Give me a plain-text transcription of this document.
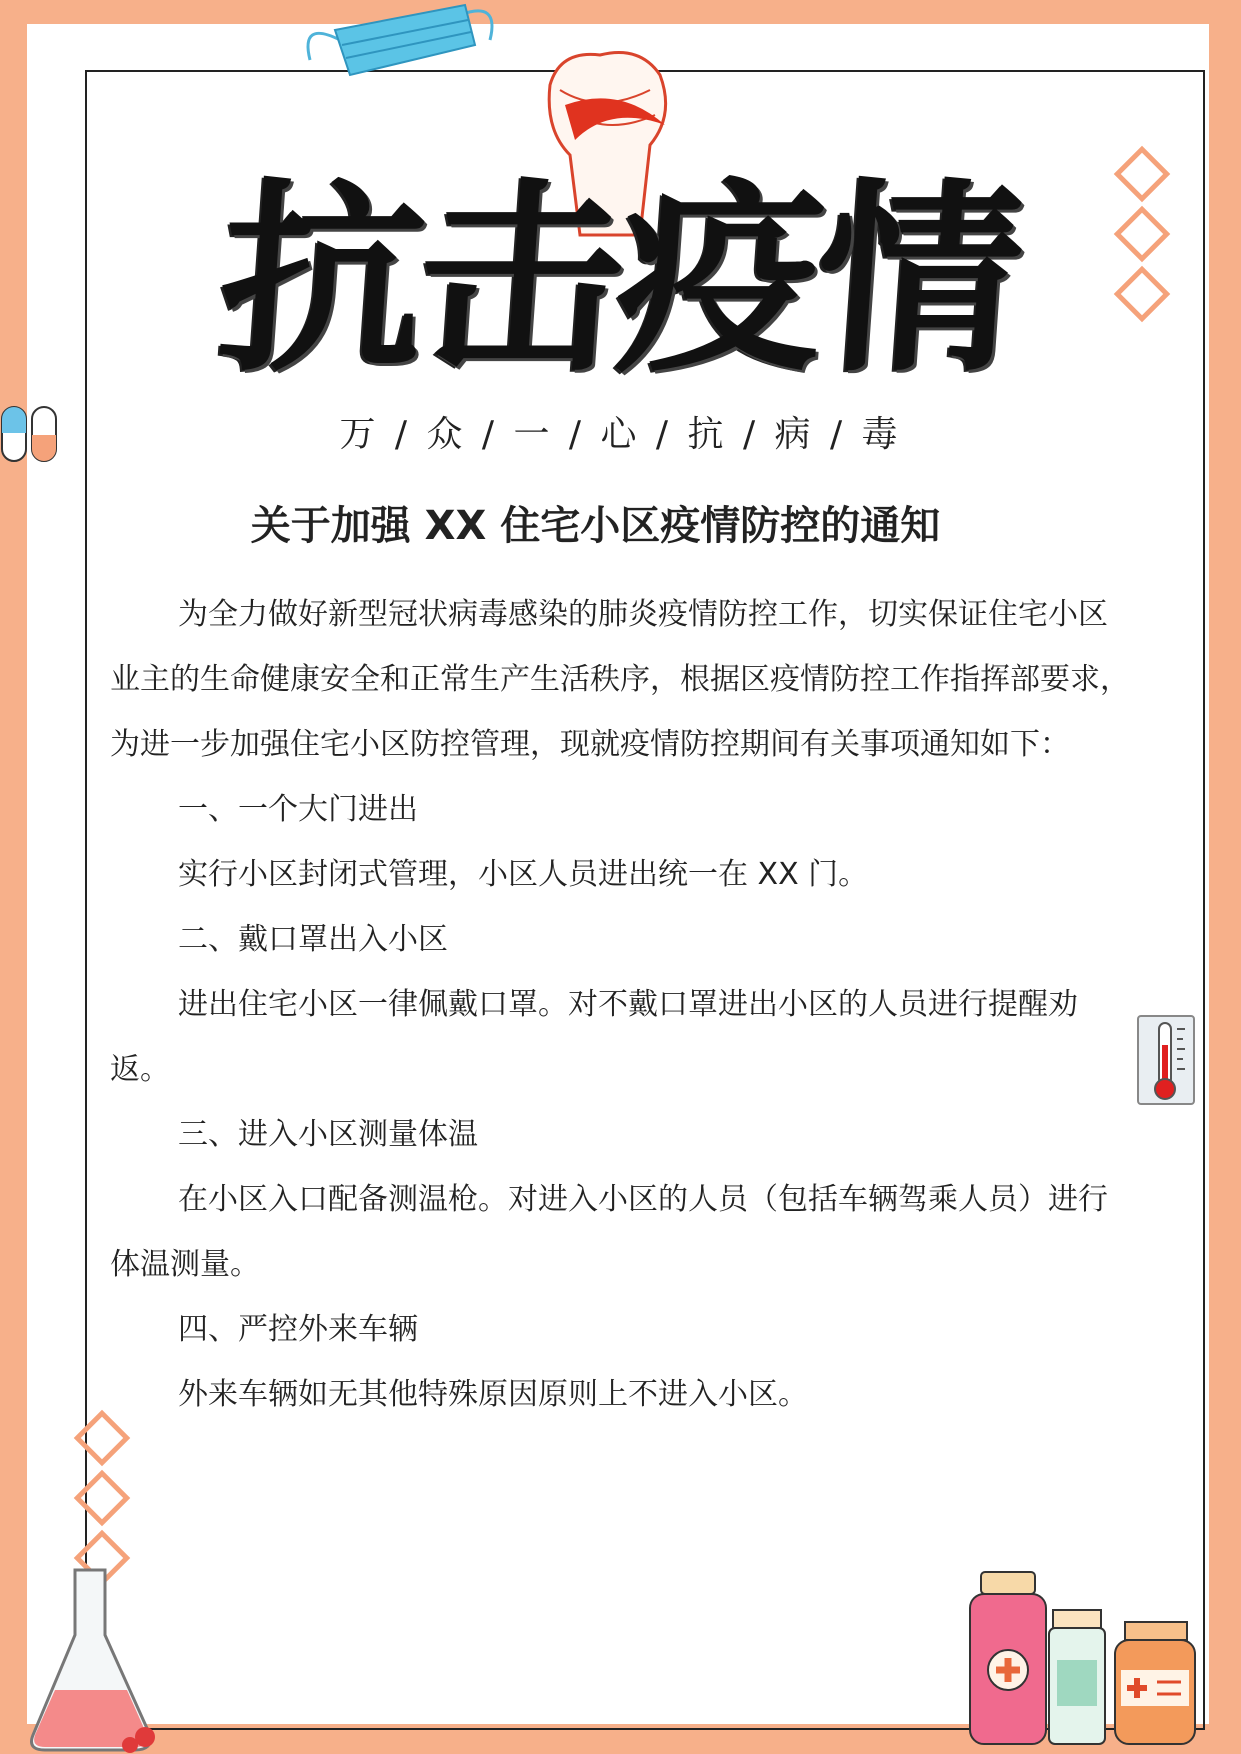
抗击疫情
万 / 众 / 一 / 心 / 抗 / 病 / 毒
关于加强 XX 住宅小区疫情防控的通知

为全力做好新型冠状病毒感染的肺炎疫情防控工作，切实保证住宅小区业主的生命健康安全和正常生产生活秩序，根据区疫情防控工作指挥部要求，为进一步加强住宅小区防控管理，现就疫情防控期间有关事项通知如下：

一、一个大门进出

实行小区封闭式管理，小区人员进出统一在 XX 门。

二、戴口罩出入小区

进出住宅小区一律佩戴口罩。对不戴口罩进出小区的人员进行提醒劝返。

三、进入小区测量体温

在小区入口配备测温枪。对进入小区的人员（包括车辆驾乘人员）进行体温测量。

四、严控外来车辆

外来车辆如无其他特殊原因原则上不进入小区。
